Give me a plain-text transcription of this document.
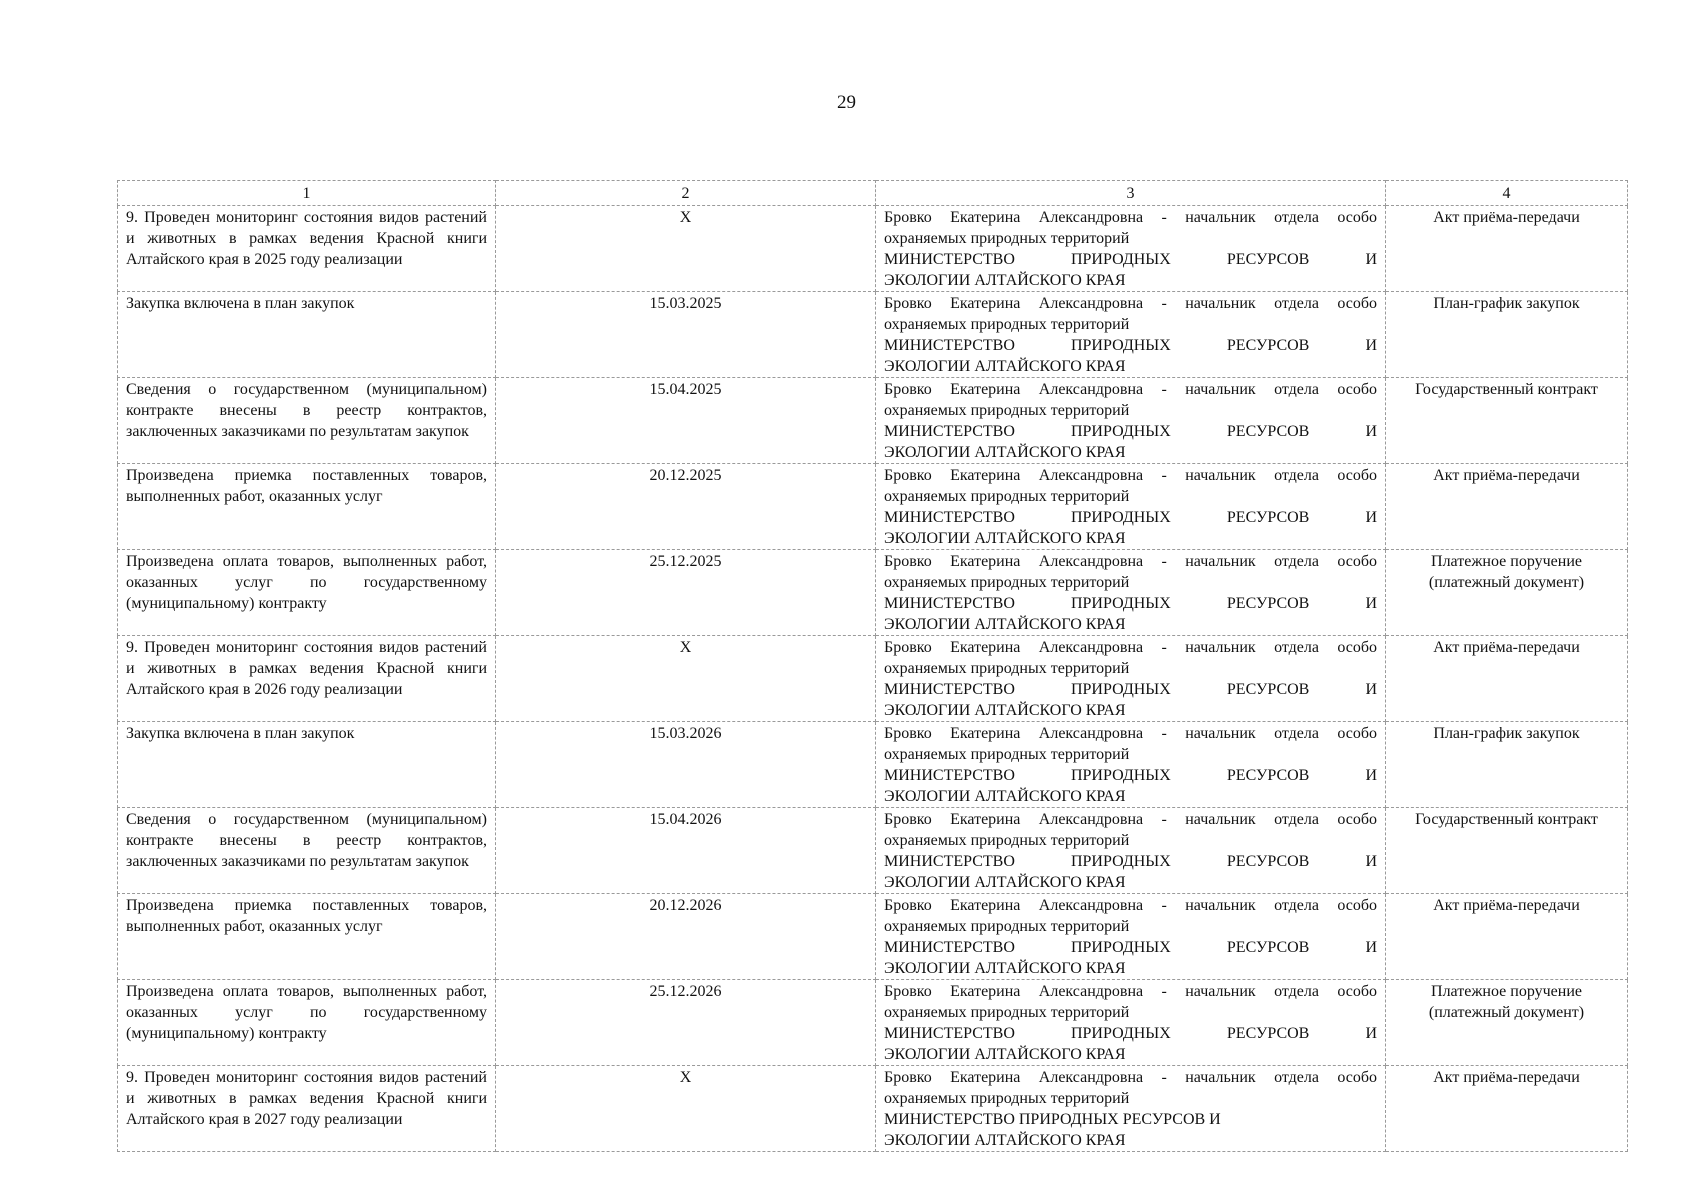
29
1	2	3	4
9. Проведен мониторинг состояния видов растений и животных в рамках ведения Красной книги Алтайского края в 2025 году реализации	X	Бровко Екатерина Александровна - начальник отдела особо охраняемых природных территорий
МИНИСТЕРСТВО ПРИРОДНЫХ РЕСУРСОВ И
ЭКОЛОГИИ АЛТАЙСКОГО КРАЯ	Акт приёма-передачи
Закупка включена в план закупок	15.03.2025	Бровко Екатерина Александровна - начальник отдела особо охраняемых природных территорий
МИНИСТЕРСТВО ПРИРОДНЫХ РЕСУРСОВ И
ЭКОЛОГИИ АЛТАЙСКОГО КРАЯ	План-график закупок
Сведения о государственном (муниципальном) контракте внесены в реестр контрактов, заключенных заказчиками по результатам закупок	15.04.2025	Бровко Екатерина Александровна - начальник отдела особо охраняемых природных территорий
МИНИСТЕРСТВО ПРИРОДНЫХ РЕСУРСОВ И
ЭКОЛОГИИ АЛТАЙСКОГО КРАЯ	Государственный контракт
Произведена приемка поставленных товаров, выполненных работ, оказанных услуг	20.12.2025	Бровко Екатерина Александровна - начальник отдела особо охраняемых природных территорий
МИНИСТЕРСТВО ПРИРОДНЫХ РЕСУРСОВ И
ЭКОЛОГИИ АЛТАЙСКОГО КРАЯ	Акт приёма-передачи
Произведена оплата товаров, выполненных работ, оказанных услуг по государственному (муниципальному) контракту	25.12.2025	Бровко Екатерина Александровна - начальник отдела особо охраняемых природных территорий
МИНИСТЕРСТВО ПРИРОДНЫХ РЕСУРСОВ И
ЭКОЛОГИИ АЛТАЙСКОГО КРАЯ	Платежное поручение (платежный документ)
9. Проведен мониторинг состояния видов растений и животных в рамках ведения Красной книги Алтайского края в 2026 году реализации	X	Бровко Екатерина Александровна - начальник отдела особо охраняемых природных территорий
МИНИСТЕРСТВО ПРИРОДНЫХ РЕСУРСОВ И
ЭКОЛОГИИ АЛТАЙСКОГО КРАЯ	Акт приёма-передачи
Закупка включена в план закупок	15.03.2026	Бровко Екатерина Александровна - начальник отдела особо охраняемых природных территорий
МИНИСТЕРСТВО ПРИРОДНЫХ РЕСУРСОВ И
ЭКОЛОГИИ АЛТАЙСКОГО КРАЯ	План-график закупок
Сведения о государственном (муниципальном) контракте внесены в реестр контрактов, заключенных заказчиками по результатам закупок	15.04.2026	Бровко Екатерина Александровна - начальник отдела особо охраняемых природных территорий
МИНИСТЕРСТВО ПРИРОДНЫХ РЕСУРСОВ И
ЭКОЛОГИИ АЛТАЙСКОГО КРАЯ	Государственный контракт
Произведена приемка поставленных товаров, выполненных работ, оказанных услуг	20.12.2026	Бровко Екатерина Александровна - начальник отдела особо охраняемых природных территорий
МИНИСТЕРСТВО ПРИРОДНЫХ РЕСУРСОВ И
ЭКОЛОГИИ АЛТАЙСКОГО КРАЯ	Акт приёма-передачи
Произведена оплата товаров, выполненных работ, оказанных услуг по государственному (муниципальному) контракту	25.12.2026	Бровко Екатерина Александровна - начальник отдела особо охраняемых природных территорий
МИНИСТЕРСТВО ПРИРОДНЫХ РЕСУРСОВ И
ЭКОЛОГИИ АЛТАЙСКОГО КРАЯ	Платежное поручение (платежный документ)
9. Проведен мониторинг состояния видов растений и животных в рамках ведения Красной книги Алтайского края в 2027 году реализации	X	Бровко Екатерина Александровна - начальник отдела особо охраняемых природных территорий
МИНИСТЕРСТВО ПРИРОДНЫХ РЕСУРСОВ И
ЭКОЛОГИИ АЛТАЙСКОГО КРАЯ	Акт приёма-передачи
